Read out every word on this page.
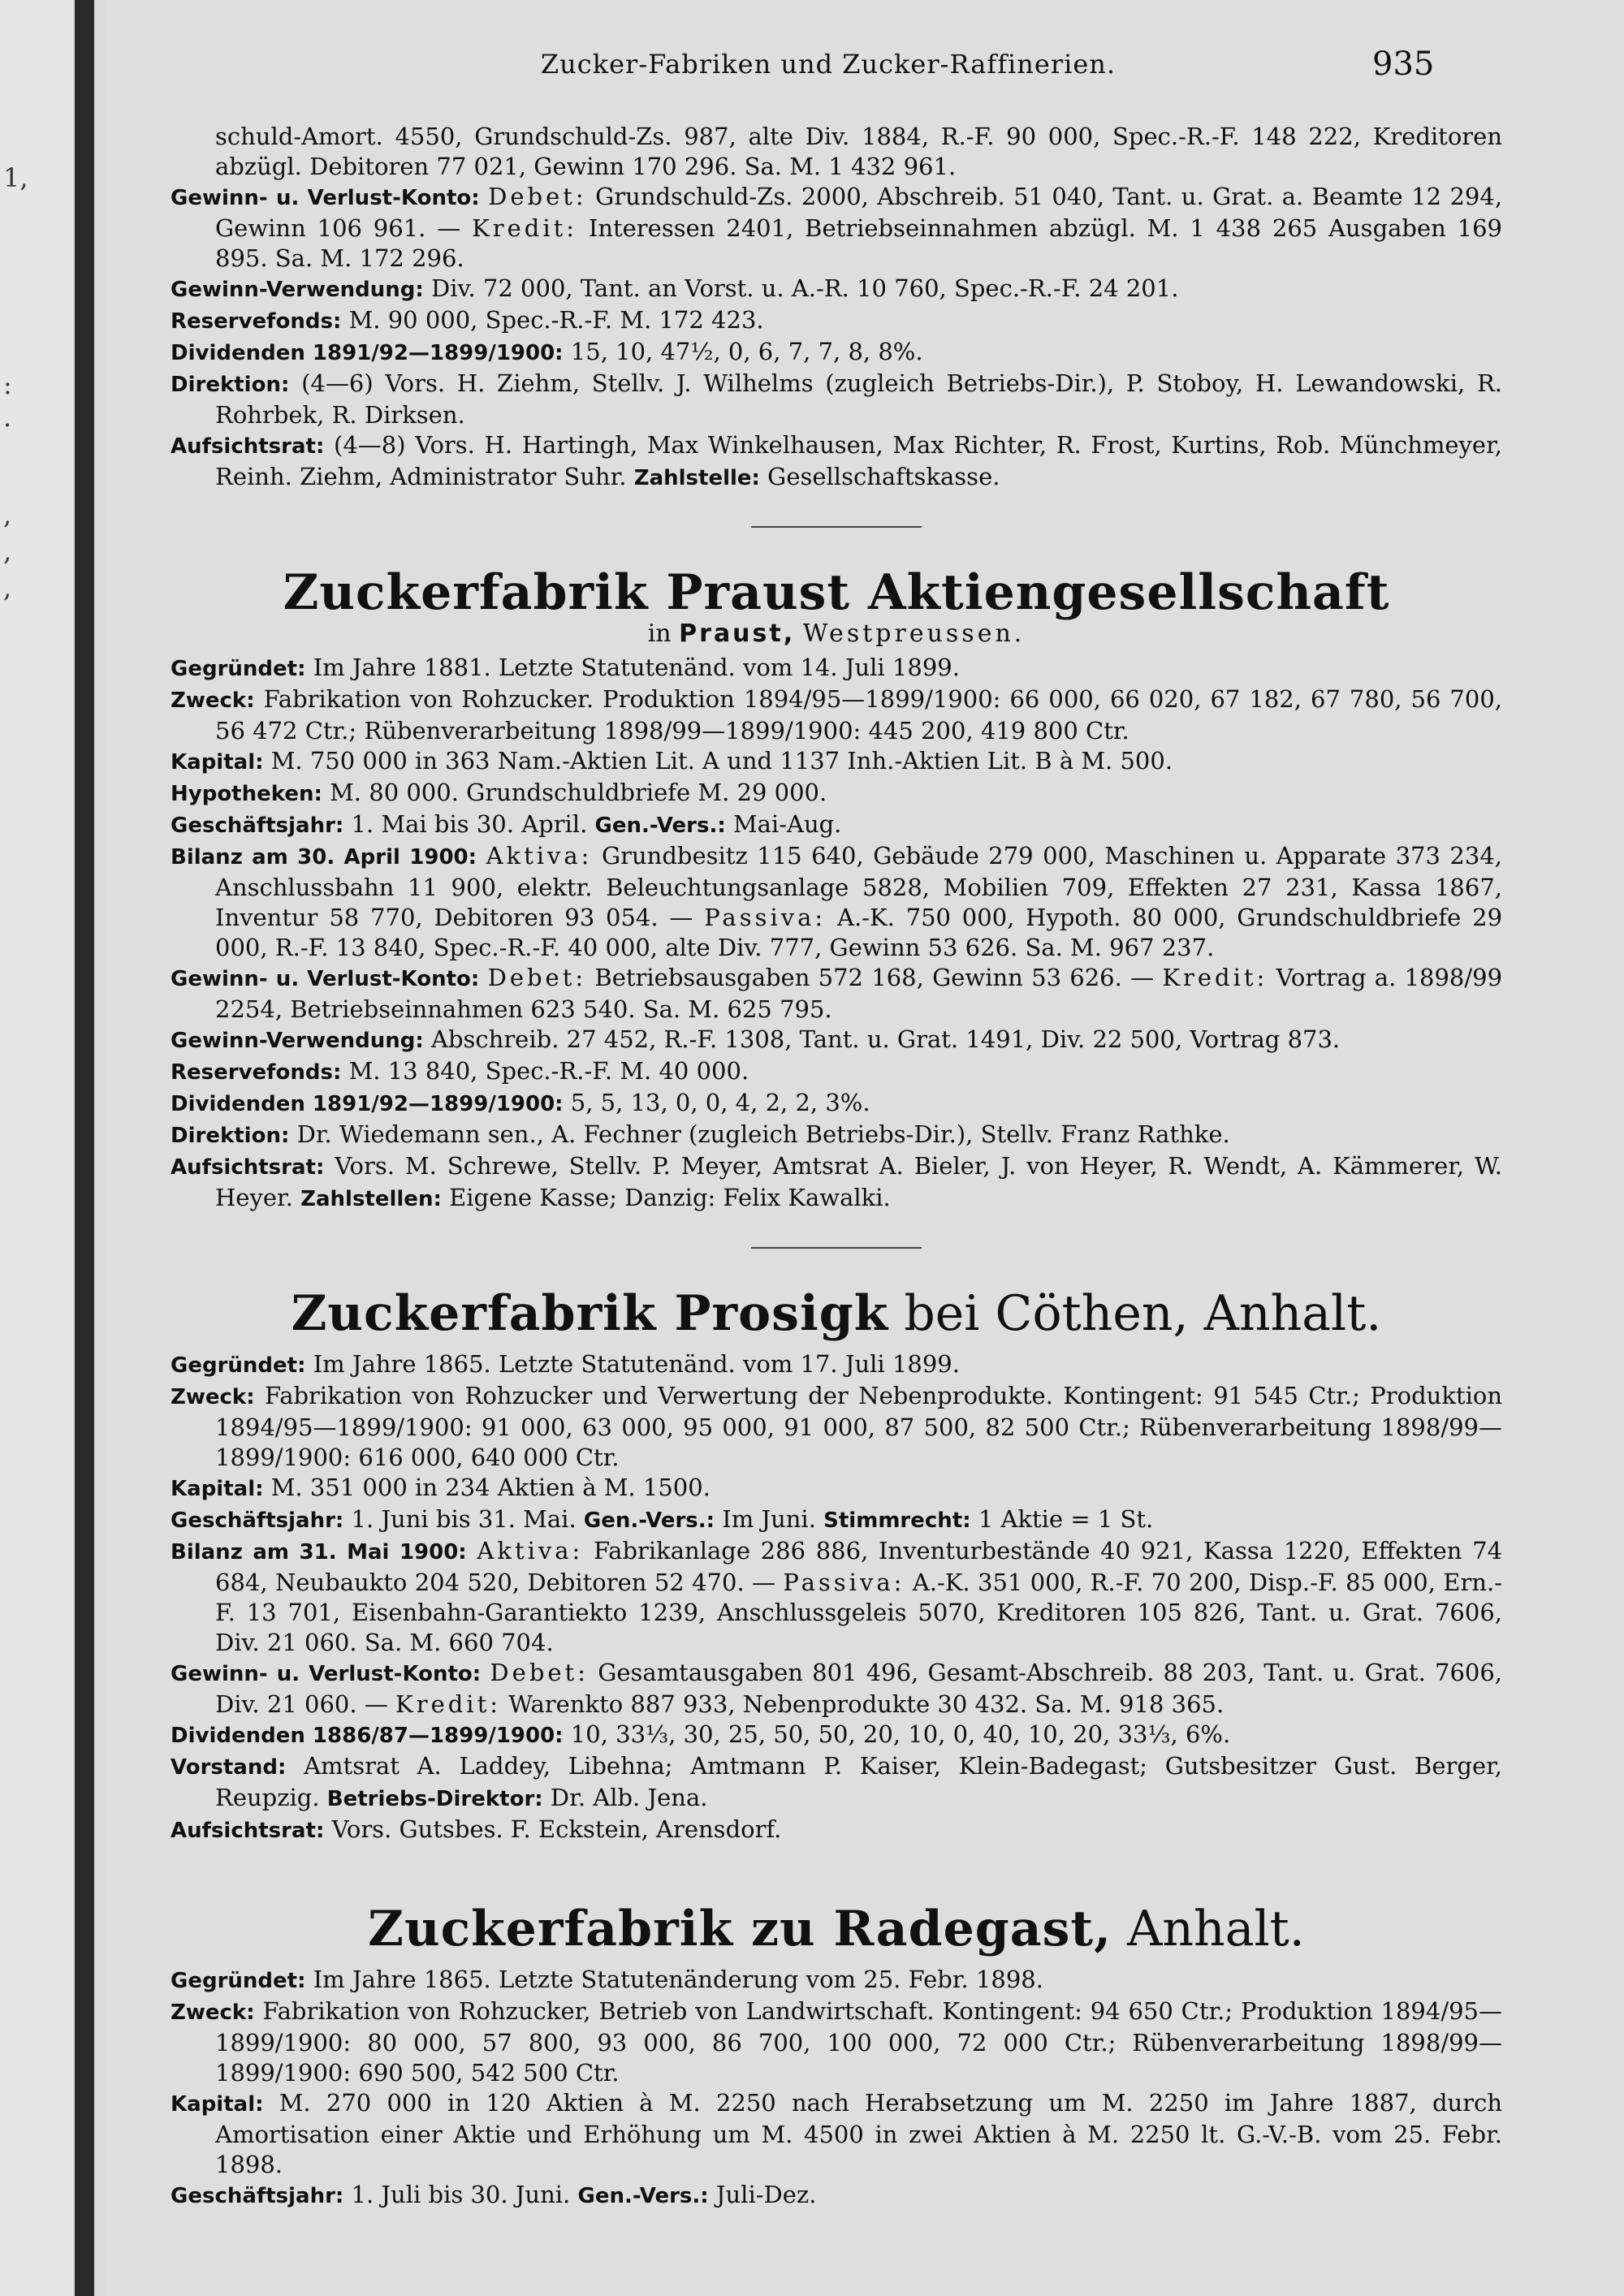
1,
:
.
,
,
,
Zucker-Fabriken und Zucker-Raffinerien.	935
schuld-Amort. 4550, Grundschuld-Zs. 987, alte Div. 1884, R.-F. 90 000, Spec.-R.-F. 148 222, Kreditoren abzügl. Debitoren 77 021, Gewinn 170 296. Sa. M. 1 432 961.
Gewinn- u. Verlust-Konto: Debet: Grundschuld-Zs. 2000, Abschreib. 51 040, Tant. u. Grat. a. Beamte 12 294, Gewinn 106 961. — Kredit: Interessen 2401, Betriebseinnahmen abzügl. M. 1 438 265 Ausgaben 169 895. Sa. M. 172 296.
Gewinn-Verwendung: Div. 72 000, Tant. an Vorst. u. A.-R. 10 760, Spec.-R.-F. 24 201.
Reservefonds: M. 90 000, Spec.-R.-F. M. 172 423.
Dividenden 1891/92—1899/1900: 15, 10, 47½, 0, 6, 7, 7, 8, 8%.
Direktion: (4—6) Vors. H. Ziehm, Stellv. J. Wilhelms (zugleich Betriebs-Dir.), P. Stoboy, H. Lewandowski, R. Rohrbek, R. Dirksen.
Aufsichtsrat: (4—8) Vors. H. Hartingh, Max Winkelhausen, Max Richter, R. Frost, Kurtins, Rob. Münchmeyer, Reinh. Ziehm, Administrator Suhr. Zahlstelle: Gesellschaftskasse.
Zuckerfabrik Praust Aktiengesellschaft
in Praust, Westpreussen.
Gegründet: Im Jahre 1881. Letzte Statutenänd. vom 14. Juli 1899.
Zweck: Fabrikation von Rohzucker. Produktion 1894/95—1899/1900: 66 000, 66 020, 67 182, 67 780, 56 700, 56 472 Ctr.; Rübenverarbeitung 1898/99—1899/1900: 445 200, 419 800 Ctr.
Kapital: M. 750 000 in 363 Nam.-Aktien Lit. A und 1137 Inh.-Aktien Lit. B à M. 500.
Hypotheken: M. 80 000. Grundschuldbriefe M. 29 000.
Geschäftsjahr: 1. Mai bis 30. April. Gen.-Vers.: Mai-Aug.
Bilanz am 30. April 1900: Aktiva: Grundbesitz 115 640, Gebäude 279 000, Maschinen u. Apparate 373 234, Anschlussbahn 11 900, elektr. Beleuchtungsanlage 5828, Mobilien 709, Effekten 27 231, Kassa 1867, Inventur 58 770, Debitoren 93 054. — Passiva: A.-K. 750 000, Hypoth. 80 000, Grundschuldbriefe 29 000, R.-F. 13 840, Spec.-R.-F. 40 000, alte Div. 777, Gewinn 53 626. Sa. M. 967 237.
Gewinn- u. Verlust-Konto: Debet: Betriebsausgaben 572 168, Gewinn 53 626. — Kredit: Vortrag a. 1898/99 2254, Betriebseinnahmen 623 540. Sa. M. 625 795.
Gewinn-Verwendung: Abschreib. 27 452, R.-F. 1308, Tant. u. Grat. 1491, Div. 22 500, Vortrag 873.
Reservefonds: M. 13 840, Spec.-R.-F. M. 40 000.
Dividenden 1891/92—1899/1900: 5, 5, 13, 0, 0, 4, 2, 2, 3%.
Direktion: Dr. Wiedemann sen., A. Fechner (zugleich Betriebs-Dir.), Stellv. Franz Rathke.
Aufsichtsrat: Vors. M. Schrewe, Stellv. P. Meyer, Amtsrat A. Bieler, J. von Heyer, R. Wendt, A. Kämmerer, W. Heyer. Zahlstellen: Eigene Kasse; Danzig: Felix Kawalki.
Zuckerfabrik Prosigk bei Cöthen, Anhalt.
Gegründet: Im Jahre 1865. Letzte Statutenänd. vom 17. Juli 1899.
Zweck: Fabrikation von Rohzucker und Verwertung der Nebenprodukte. Kontingent: 91 545 Ctr.; Produktion 1894/95—1899/1900: 91 000, 63 000, 95 000, 91 000, 87 500, 82 500 Ctr.; Rübenverarbeitung 1898/99—1899/1900: 616 000, 640 000 Ctr.
Kapital: M. 351 000 in 234 Aktien à M. 1500.
Geschäftsjahr: 1. Juni bis 31. Mai. Gen.-Vers.: Im Juni. Stimmrecht: 1 Aktie = 1 St.
Bilanz am 31. Mai 1900: Aktiva: Fabrikanlage 286 886, Inventurbestände 40 921, Kassa 1220, Effekten 74 684, Neubaukto 204 520, Debitoren 52 470. — Passiva: A.-K. 351 000, R.-F. 70 200, Disp.-F. 85 000, Ern.-F. 13 701, Eisenbahn-Garantiekto 1239, Anschlussgeleis 5070, Kreditoren 105 826, Tant. u. Grat. 7606, Div. 21 060. Sa. M. 660 704.
Gewinn- u. Verlust-Konto: Debet: Gesamtausgaben 801 496, Gesamt-Abschreib. 88 203, Tant. u. Grat. 7606, Div. 21 060. — Kredit: Warenkto 887 933, Nebenprodukte 30 432. Sa. M. 918 365.
Dividenden 1886/87—1899/1900: 10, 33⅓, 30, 25, 50, 50, 20, 10, 0, 40, 10, 20, 33⅓, 6%.
Vorstand: Amtsrat A. Laddey, Libehna; Amtmann P. Kaiser, Klein-Badegast; Gutsbesitzer Gust. Berger, Reupzig. Betriebs-Direktor: Dr. Alb. Jena.
Aufsichtsrat: Vors. Gutsbes. F. Eckstein, Arensdorf.
Zuckerfabrik zu Radegast, Anhalt.
Gegründet: Im Jahre 1865. Letzte Statutenänderung vom 25. Febr. 1898.
Zweck: Fabrikation von Rohzucker, Betrieb von Landwirtschaft. Kontingent: 94 650 Ctr.; Produktion 1894/95—1899/1900: 80 000, 57 800, 93 000, 86 700, 100 000, 72 000 Ctr.; Rübenverarbeitung 1898/99—1899/1900: 690 500, 542 500 Ctr.
Kapital: M. 270 000 in 120 Aktien à M. 2250 nach Herabsetzung um M. 2250 im Jahre 1887, durch Amortisation einer Aktie und Erhöhung um M. 4500 in zwei Aktien à M. 2250 lt. G.-V.-B. vom 25. Febr. 1898.
Geschäftsjahr: 1. Juli bis 30. Juni. Gen.-Vers.: Juli-Dez.
